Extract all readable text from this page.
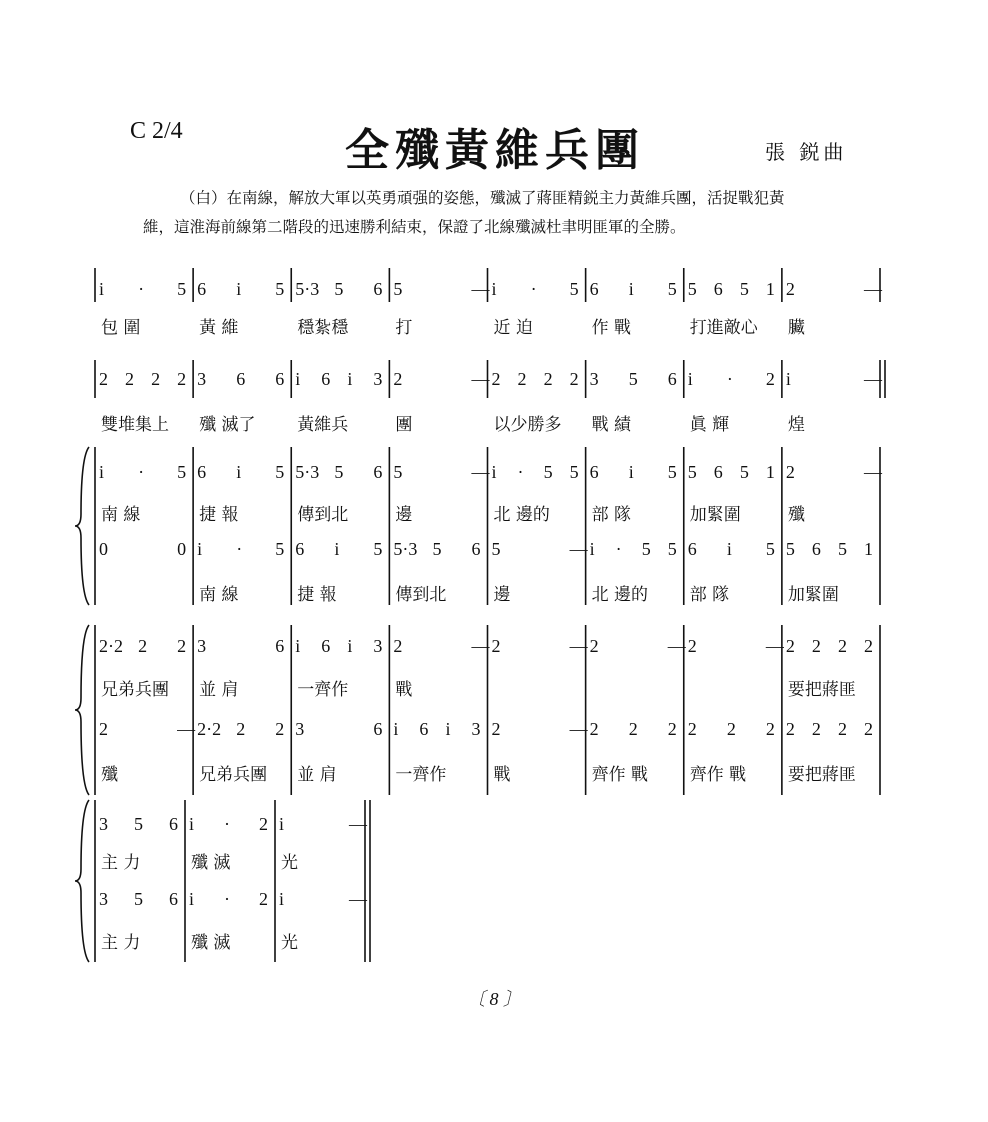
C 2/4	全殲黃維兵團	張 鋭曲
（白）在南線，解放大軍以英勇頑强的姿態，殲滅了蔣匪精鋭主力黃維兵團，活捉戰犯黃
維，這淮海前線第二階段的迅速勝利結束，保證了北線殲滅杜聿明匪軍的全勝。
i · 5
包 圍
6 i 5
黃 維
5·3 5 6
穩紮穩
5	—
打
i · 5
近 迫
6 i 5
作 戰
5 6 5 1
打進敵心
2	—
臟
2 2 2 2
雙堆集上
3 6 6
殲 滅了
i 6 i 3
黃維兵
2	—
團
2 2 2 2
以少勝多
3 5 6
戰 績
i · 2
眞 輝
i	—
煌
i · 5
南 線
6 i 5
捷 報
5·3 5 6
傳到北
5	—
邊
i · 5 5
北 邊的
6 i 5
部 隊
5 6 5 1
加緊圍
2	—
殲
0	0 i · 5
南 線
6 i 5
捷 報
5·3 5 6
傳到北
5	—
邊
i · 5 5
北 邊的
6 i 5
部 隊
5 6 5 1
加緊圍
2·2 2 2
兄弟兵團
3	6
並 肩
i 6 i 3
一齊作
2	—
戰
2	— 2	— 2	— 2 2 2 2
要把蔣匪
2	—
殲
2·2 2 2
兄弟兵團
3	6
並 肩
i 6 i 3
一齊作
2	—
戰
2 2 2
齊作 戰
2 2 2
齊作 戰
2 2 2 2
要把蔣匪
3 5 6
主 力
i · 2
殲 滅
i	—
光
3 5 6
主 力
i · 2
殲 滅
i	—
光
〔 8 〕
